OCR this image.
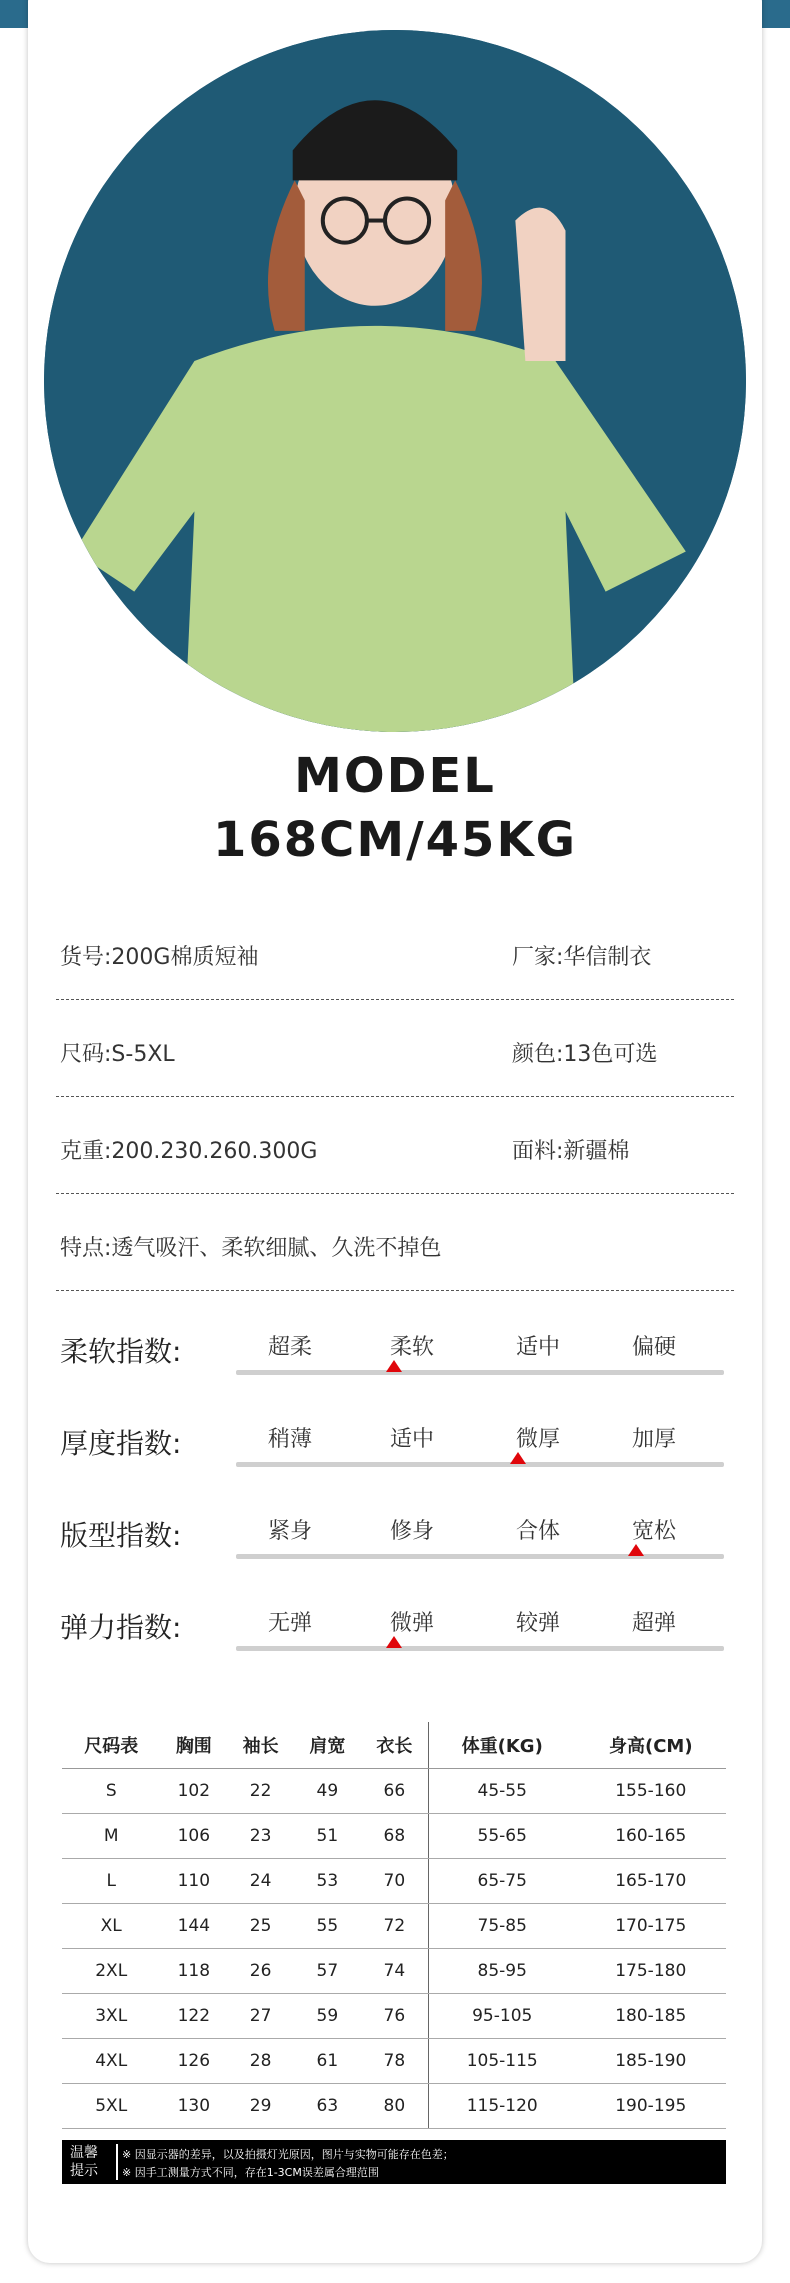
MODEL
168CM/45KG
货号:200G棉质短袖	厂家:华信制衣
尺码:S-5XL	颜色:13色可选
克重:200.230.260.300G	面料:新疆棉
特点:透气吸汗、柔软细腻、久洗不掉色
柔软指数:	超柔	柔软	适中	偏硬
厚度指数:	稍薄	适中	微厚	加厚
版型指数:	紧身	修身	合体	宽松
弹力指数:	无弹	微弹	较弹	超弹
尺码表	胸围	袖长	肩宽	衣长	体重(KG)	身高(CM)
S	102	22	49	66	45-55	155-160
M	106	23	51	68	55-65	160-165
L	110	24	53	70	65-75	165-170
XL	144	25	55	72	75-85	170-175
2XL	118	26	57	74	85-95	175-180
3XL	122	27	59	76	95-105	180-185
4XL	126	28	61	78	105-115	185-190
5XL	130	29	63	80	115-120	190-195
温馨提示
※ 因显示器的差异，以及拍摄灯光原因，图片与实物可能存在色差；
※ 因手工测量方式不同，存在1-3CM误差属合理范围
